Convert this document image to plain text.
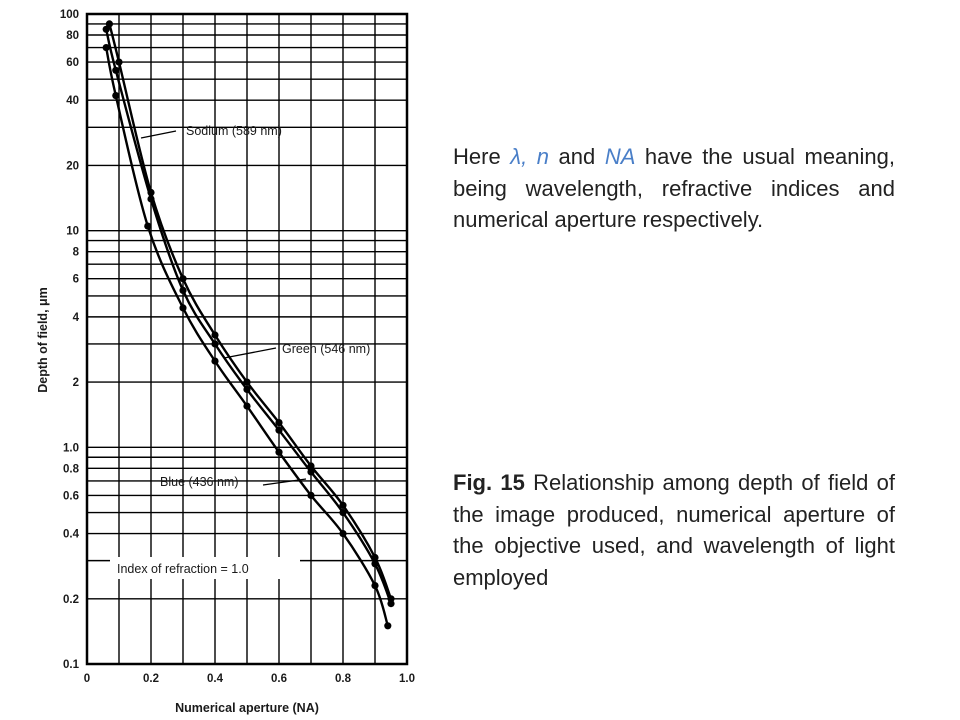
0	0.2	0.4	0.6	0.8	1.0
0.1
0.2
0.4
0.6
0.8
1.0
2
4
6
8
10
20
40
60
80
100
Numerical aperture (NA)
Depth of field, μm
Sodium (589 nm)
Green (546 nm)
Blue (436 nm)
Index of refraction = 1.0
Here λ, n and NA have the usual meaning, being wavelength, refractive indices and numerical aperture respectively.
Fig. 15 Relationship among depth of field of the image produced, numerical aperture of the objective used, and wavelength of light employed
